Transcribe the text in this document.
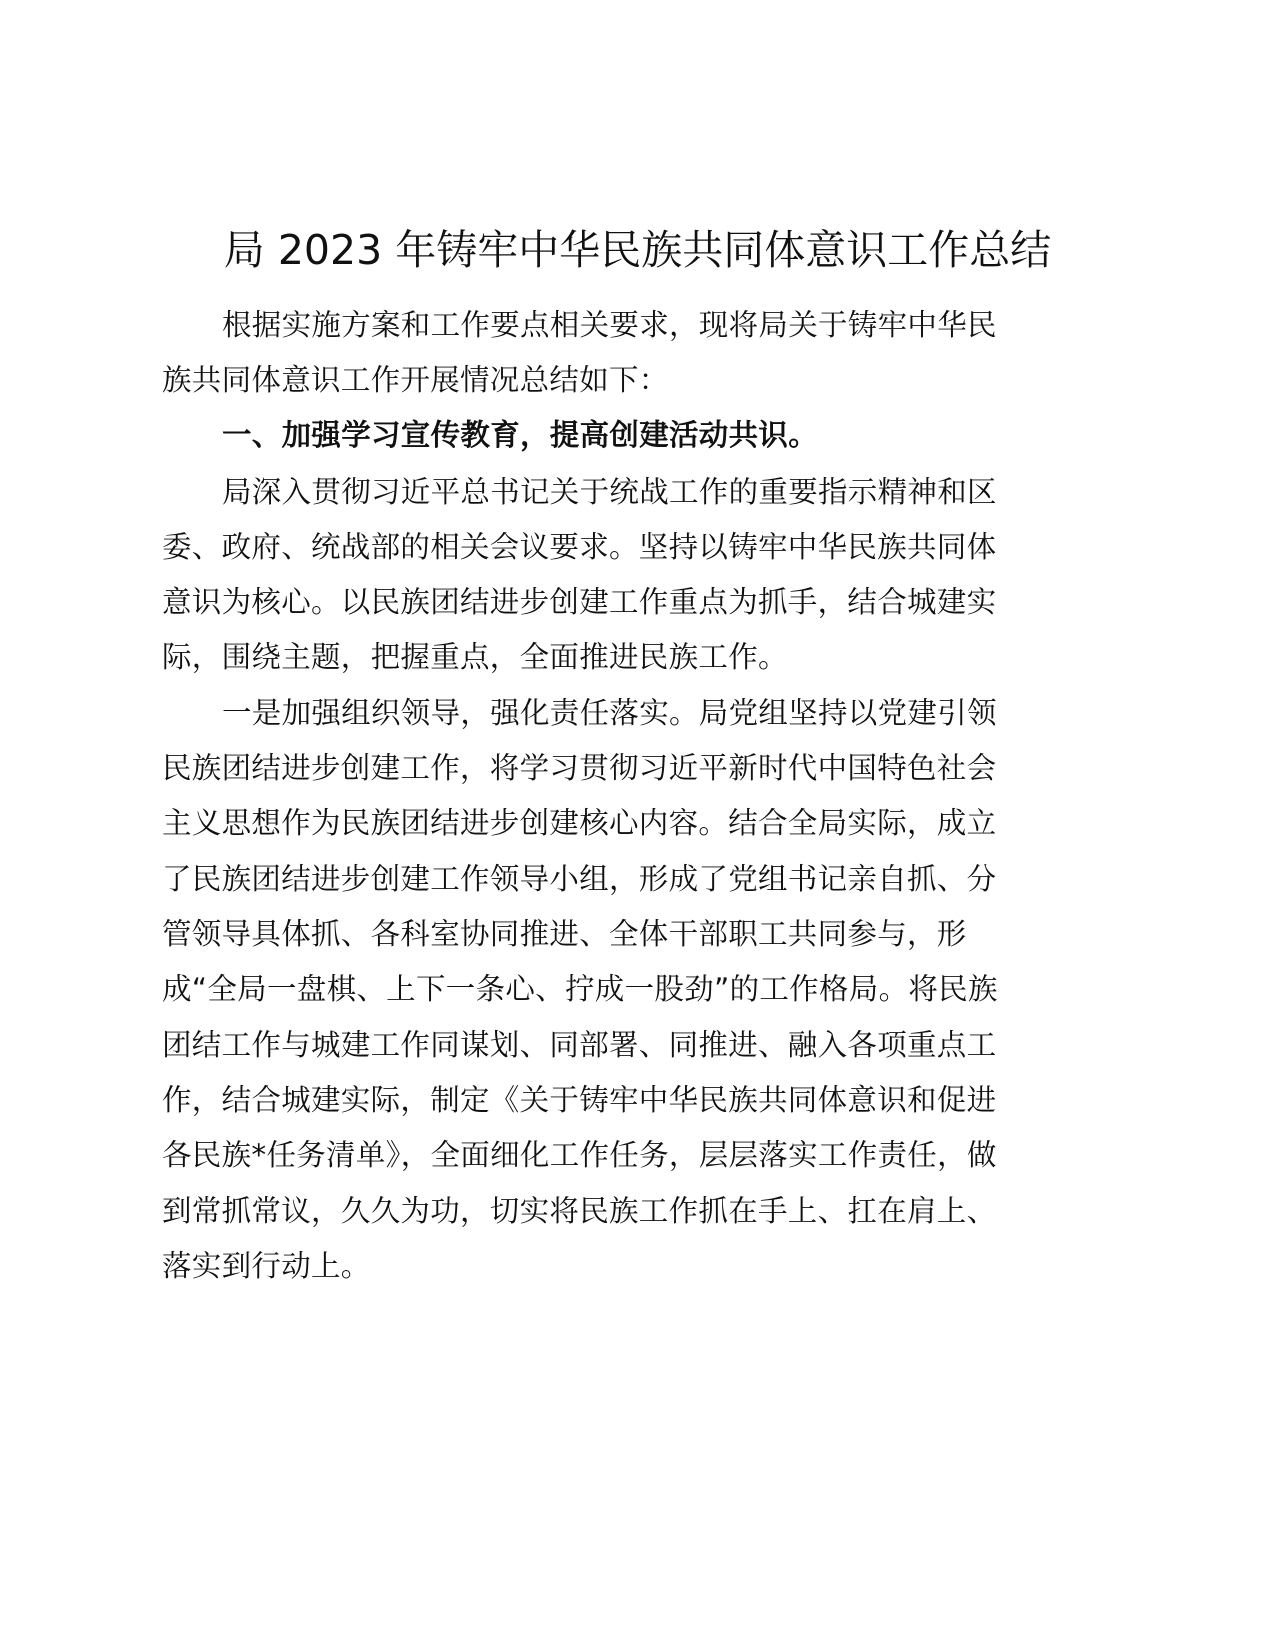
局 2023 年铸牢中华民族共同体意识工作总结
根据实施方案和工作要点相关要求，现将局关于铸牢中华民
族共同体意识工作开展情况总结如下：
一、加强学习宣传教育，提高创建活动共识。
局深入贯彻习近平总书记关于统战工作的重要指示精神和区
委、政府、统战部的相关会议要求。坚持以铸牢中华民族共同体
意识为核心。以民族团结进步创建工作重点为抓手，结合城建实
际，围绕主题，把握重点，全面推进民族工作。
一是加强组织领导，强化责任落实。局党组坚持以党建引领
民族团结进步创建工作，将学习贯彻习近平新时代中国特色社会
主义思想作为民族团结进步创建核心内容。结合全局实际，成立
了民族团结进步创建工作领导小组，形成了党组书记亲自抓、分
管领导具体抓、各科室协同推进、全体干部职工共同参与，形
成“全局一盘棋、上下一条心、拧成一股劲”的工作格局。将民族
团结工作与城建工作同谋划、同部署、同推进、融入各项重点工
作，结合城建实际，制定《关于铸牢中华民族共同体意识和促进
各民族*任务清单》，全面细化工作任务，层层落实工作责任，做
到常抓常议，久久为功，切实将民族工作抓在手上、扛在肩上、
落实到行动上。
